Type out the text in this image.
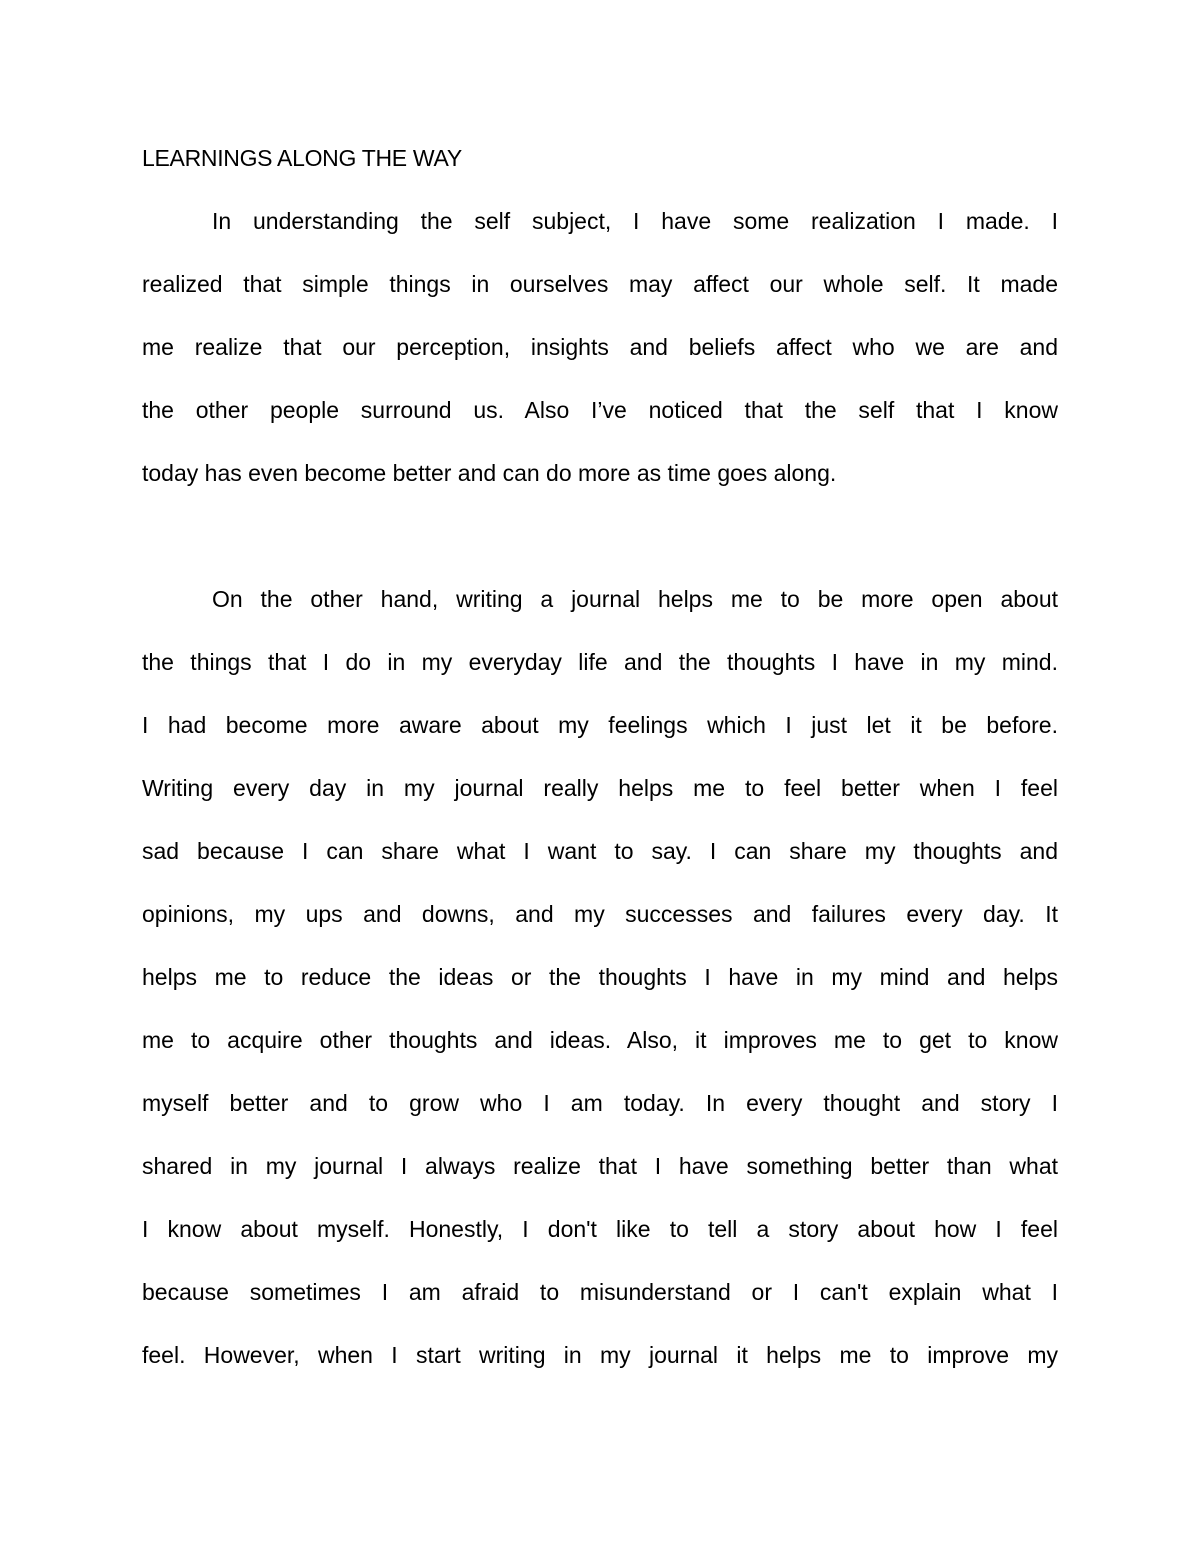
LEARNINGS ALONG THE WAY
In understanding the self subject, I have some realization I made. I
realized that simple things in ourselves may affect our whole self. It made
me realize that our perception, insights and beliefs affect who we are and
the other people surround us. Also I’ve noticed that the self that I know
today has even become better and can do more as time goes along.
On the other hand, writing a journal helps me to be more open about
the things that I do in my everyday life and the thoughts I have in my mind.
I had become more aware about my feelings which I just let it be before.
Writing every day in my journal really helps me to feel better when I feel
sad because I can share what I want to say. I can share my thoughts and
opinions, my ups and downs, and my successes and failures every day. It
helps me to reduce the ideas or the thoughts I have in my mind and helps
me to acquire other thoughts and ideas. Also, it improves me to get to know
myself better and to grow who I am today. In every thought and story I
shared in my journal I always realize that I have something better than what
I know about myself. Honestly, I don't like to tell a story about how I feel
because sometimes I am afraid to misunderstand or I can't explain what I
feel. However, when I start writing in my journal it helps me to improve my
